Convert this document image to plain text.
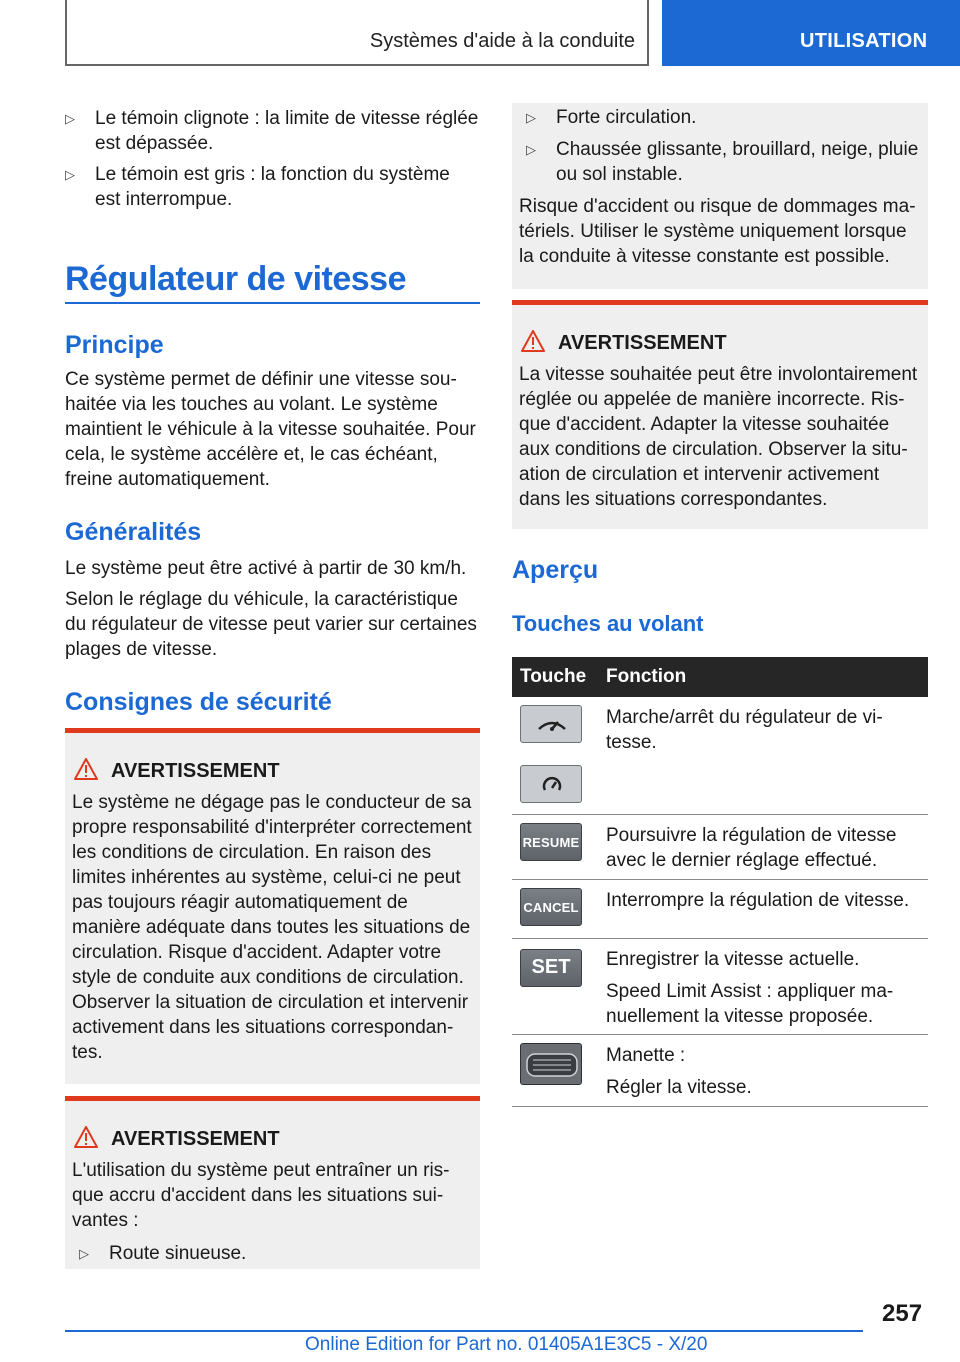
Systèmes d'aide à la conduite	UTILISATION
▷ Le témoin clignote : la limite de vitesse réglée est dépassée.
▷ Le témoin est gris : la fonction du système est interrompue.
Régulateur de vitesse
Principe
Ce système permet de définir une vitesse souhaitée via les touches au volant. Le système maintient le véhicule à la vitesse souhaitée. Pour cela, le système accélère et, le cas échéant, freine automatiquement.
Généralités
Le système peut être activé à partir de 30 km/h.
Selon le réglage du véhicule, la caractéristique du régulateur de vitesse peut varier sur certaines plages de vitesse.
Consignes de sécurité
AVERTISSEMENT
Le système ne dégage pas le conducteur de sa propre responsabilité d'interpréter correctement les conditions de circulation. En raison des limites inhérentes au système, celui-ci ne peut pas toujours réagir automatiquement de manière adéquate dans toutes les situations de circulation. Risque d'accident. Adapter votre style de conduite aux conditions de circulation. Observer la situation de circulation et intervenir activement dans les situations correspondantes.
AVERTISSEMENT
L'utilisation du système peut entraîner un risque accru d'accident dans les situations suivantes :
▷ Route sinueuse.
▷ Forte circulation.
▷ Chaussée glissante, brouillard, neige, pluie ou sol instable.
Risque d'accident ou risque de dommages matériels. Utiliser le système uniquement lorsque la conduite à vitesse constante est possible.
AVERTISSEMENT
La vitesse souhaitée peut être involontairement réglée ou appelée de manière incorrecte. Risque d'accident. Adapter la vitesse souhaitée aux conditions de circulation. Observer la situation de circulation et intervenir activement dans les situations correspondantes.
Aperçu
Touches au volant
Touche Fonction
Marche/arrêt du régulateur de vitesse.
RESUME Poursuivre la régulation de vitesse avec le dernier réglage effectué.
CANCEL Interrompre la régulation de vitesse.
SET	Enregistrer la vitesse actuelle.
Speed Limit Assist : appliquer manuellement la vitesse proposée.
Manette :
Régler la vitesse.
257
Online Edition for Part no. 01405A1E3C5 - X/20
